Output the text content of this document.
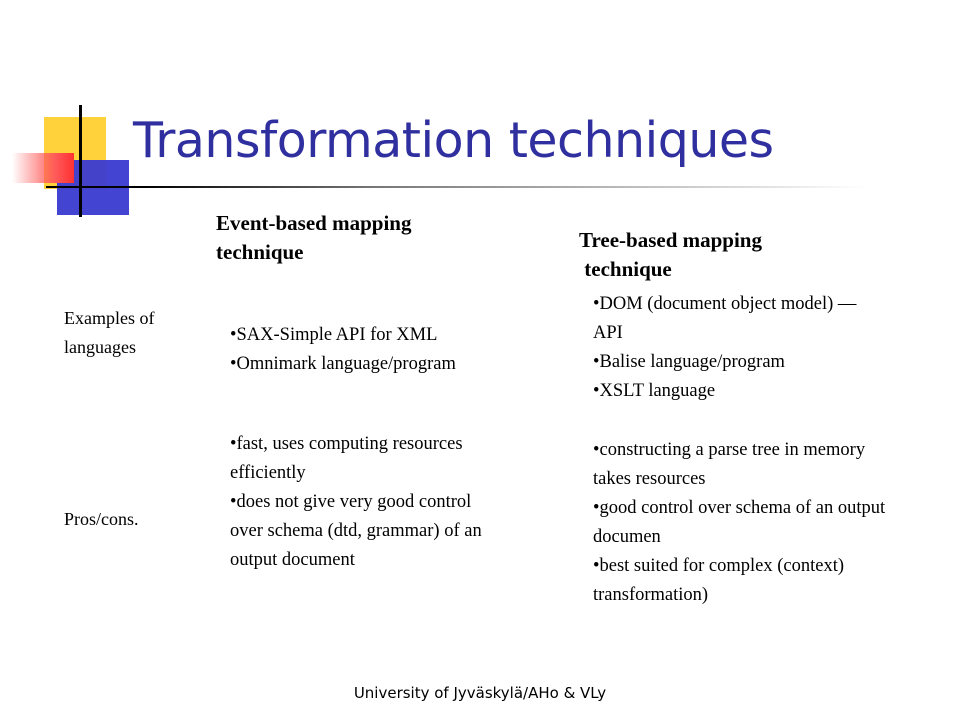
Transformation techniques
Event-based mapping
technique	Tree-based mapping
technique
Examples of languages
Pros/cons.
• SAX-Simple API for XML
• Omnimark language/program
• DOM (document object model) — API
• Balise language/program
• XSLT language
• fast, uses computing resources efficiently
• does not give very good control over schema (dtd, grammar) of an output document
• constructing a parse tree in memory takes resources
• good control over schema of an output documen
• best suited for complex (context) transformation)
University of Jyväskylä/AHo & VLy
